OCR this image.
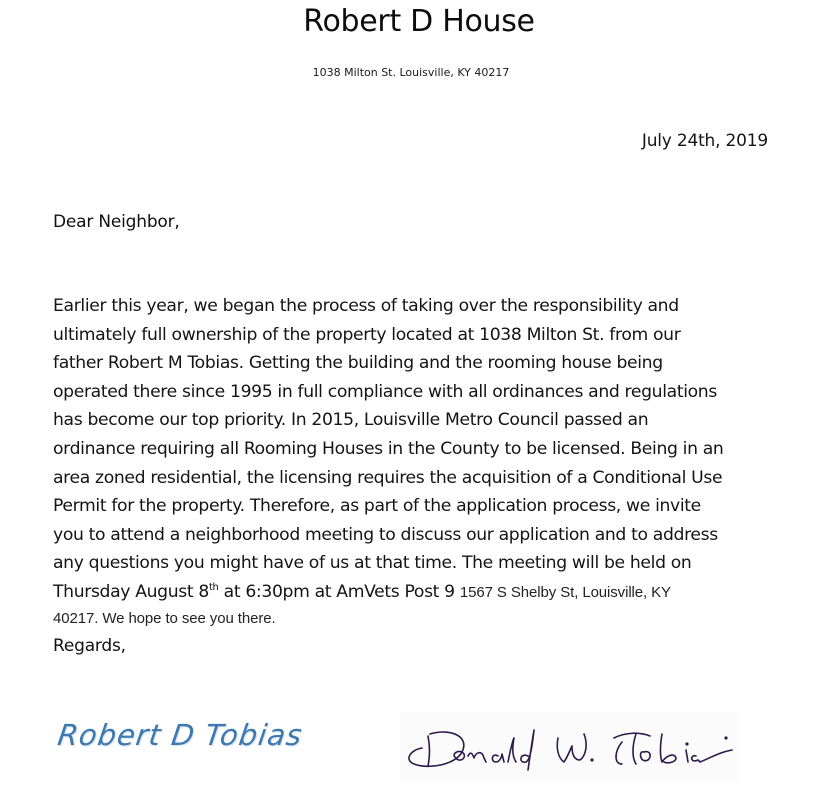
Robert D House
1038 Milton St. Louisville, KY 40217
July 24th, 2019
Dear Neighbor,
Earlier this year, we began the process of taking over the responsibility and
ultimately full ownership of the property located at 1038 Milton St. from our
father Robert M Tobias. Getting the building and the rooming house being
operated there since 1995 in full compliance with all ordinances and regulations
has become our top priority. In 2015, Louisville Metro Council passed an
ordinance requiring all Rooming Houses in the County to be licensed. Being in an
area zoned residential, the licensing requires the acquisition of a Conditional Use
Permit for the property. Therefore, as part of the application process, we invite
you to attend a neighborhood meeting to discuss our application and to address
any questions you might have of us at that time. The meeting will be held on
Thursday August 8th at 6:30pm at AmVets Post 9 1567 S Shelby St, Louisville, KY
40217. We hope to see you there.
Regards,
Robert D Tobias
